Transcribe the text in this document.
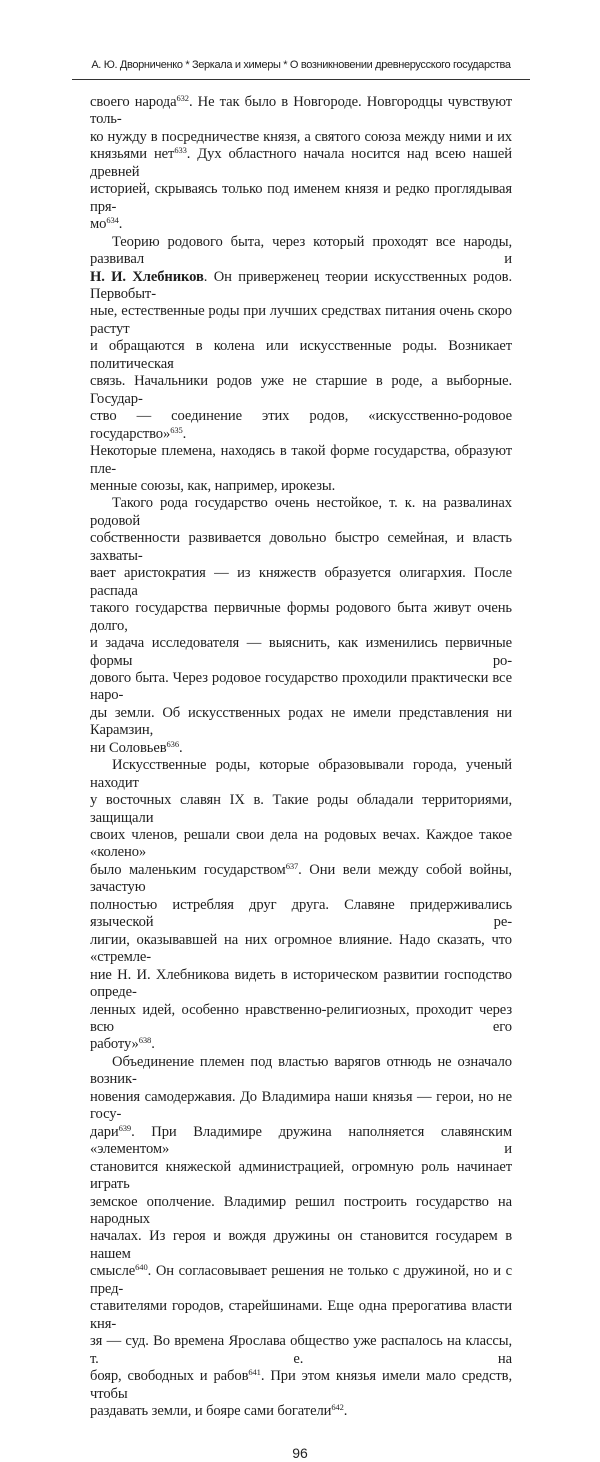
А. Ю. Дворниченко * Зеркала и химеры * О возникновении древнерусского государства
своего народа$^{632}$. Не так было в Новгороде. Новгородцы чувствуют толь-
ко нужду в посредничестве князя, а святого союза между ними и их
князьями нет$^{633}$. Дух областного начала носится над всею нашей древней
историей, скрываясь только под именем князя и редко проглядывая пря-
$мо^{634}$.
Теорию родового быта, через который проходят все народы, развивал и
Н. И. Хлебников. Он приверженец теории искусственных родов. Первобыт-
ные, естественные роды при лучших средствах питания очень скоро растут
и обращаются в колена или искусственные роды. Возникает политическая
связь. Начальники родов уже не старшие в роде, а выборные. Государ-
ство — соединение этих родов, «искусственно-родовое государство»$^{635}$.
Некоторые племена, находясь в такой форме государства, образуют пле-
менные союзы, как, например, ирокезы.
Такого рода государство очень нестойкое, т. к. на развалинах родовой
собственности развивается довольно быстро семейная, и власть захваты-
вает аристократия — из княжеств образуется олигархия. После распада
такого государства первичные формы родового быта живут очень долго,
и задача исследователя — выяснить, как изменились первичные формы ро-
дового быта. Через родовое государство проходили практически все наро-
ды земли. Об искусственных родах не имели представления ни Карамзин,
ни Соловьев$^{636}$.
Искусственные роды, которые образовывали города, ученый находит
у восточных славян IX в. Такие роды обладали территориями, защищали
своих членов, решали свои дела на родовых вечах. Каждое такое «колено»
было маленьким государством$^{637}$. Они вели между собой войны, зачастую
полностью истребляя друг друга. Славяне придерживались языческой ре-
лигии, оказывавшей на них огромное влияние. Надо сказать, что «стремле-
ние Н. И. Хлебникова видеть в историческом развитии господство опреде-
ленных идей, особенно нравственно-религиозных, проходит через всю его
работу»$^{638}$.
Объединение племен под властью варягов отнюдь не означало возник-
новения самодержавия. До Владимира наши князья — герои, но не госу-
дари$^{639}$. При Владимире дружина наполняется славянским «элементом» и
становится княжеской администрацией, огромную роль начинает играть
земское ополчение. Владимир решил построить государство на народных
началах. Из героя и вождя дружины он становится государем в нашем
смысле$^{640}$. Он согласовывает решения не только с дружиной, но и с пред-
ставителями городов, старейшинами. Еще одна прерогатива власти кня-
зя — суд. Во времена Ярослава общество уже распалось на классы, т. е. на
бояр, свободных и рабов$^{641}$. При этом князья имели мало средств, чтобы
раздавать земли, и бояре сами богатели$^{642}$.
96
